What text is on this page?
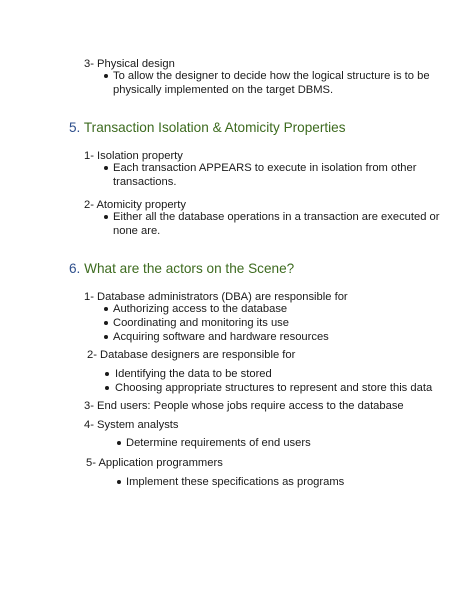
3- Physical design
To allow the designer to decide how the logical structure is to be
physically implemented on the target DBMS.
5. Transaction Isolation & Atomicity Properties
1- Isolation property
Each transaction APPEARS to execute in isolation from other
transactions.
2- Atomicity property
Either all the database operations in a transaction are executed or
none are.
6. What are the actors on the Scene?
1- Database administrators (DBA) are responsible for
Authorizing access to the database
Coordinating and monitoring its use
Acquiring software and hardware resources
2- Database designers are responsible for
Identifying the data to be stored
Choosing appropriate structures to represent and store this data
3- End users: People whose jobs require access to the database
4- System analysts
Determine requirements of end users
5- Application programmers
Implement these specifications as programs
